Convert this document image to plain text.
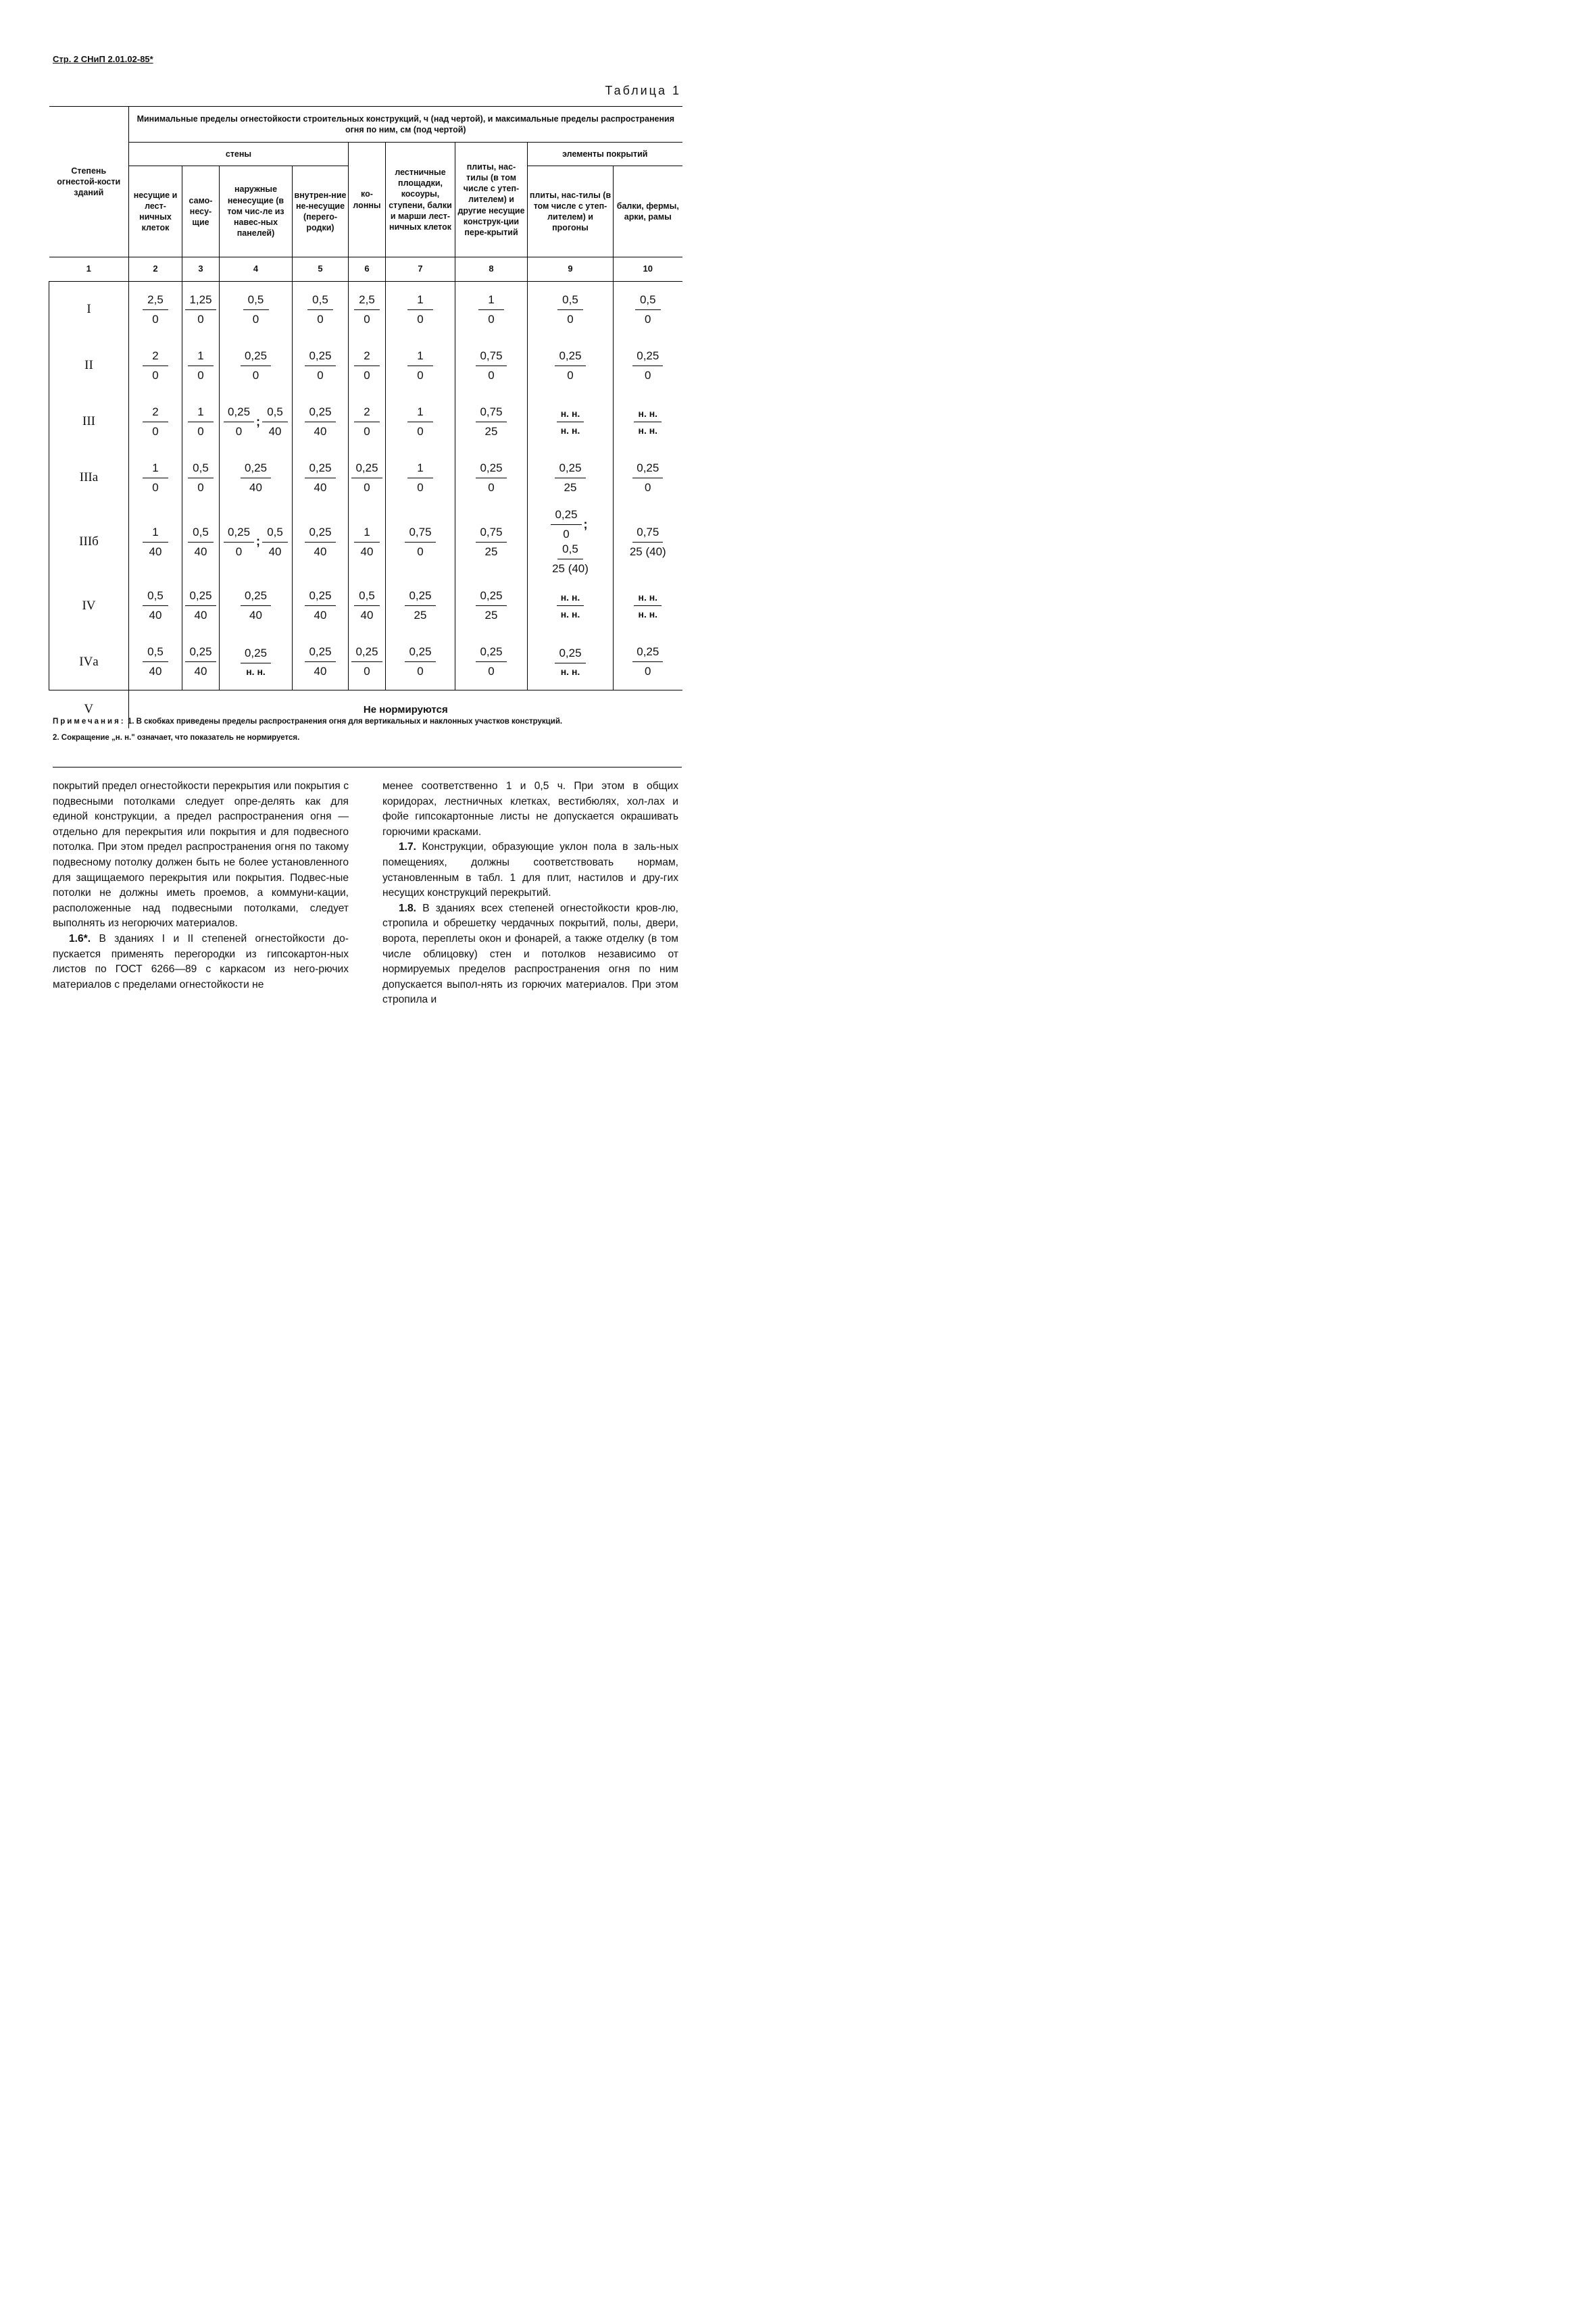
Стр. 2 СНиП 2.01.02-85*
Таблица 1
Степень огнестой-кости зданий	Минимальные пределы огнестойкости строительных конструкций, ч (над чертой), и максимальные пределы распространения огня по ним, см (под чертой)								
	стены				ко-лонны	лестничные площадки, косоуры, ступени, балки и марши лест-ничных клеток	плиты, нас-тилы (в том числе с утеп-лителем) и другие несущие конструк-ции пере-крытий	элементы покрытий	
	несущие и лест-ничных клеток	само-несу-щие	наружные ненесущие (в том чис-ле из навес-ных панелей)	внутрен-ние не-несущие (перего-родки)				плиты, нас-тилы (в том числе с утеп-лителем) и прогоны	балки, фермы, арки, рамы
1	2	3	4	5	6	7	8	9	10
I	$\frac{2,5}{0}$	$\frac{1,25}{0}$	$\frac{0,5}{0}$	$\frac{0,5}{0}$	$\frac{2,5}{0}$	$\frac{1}{0}$	$\frac{1}{0}$	$\frac{0,5}{0}$	$\frac{0,5}{0}$

II	$\frac{2}{0}$	$\frac{1}{0}$	$\frac{0,25}{0}$	$\frac{0,25}{0}$	$\frac{2}{0}$	$\frac{1}{0}$	$\frac{0,75}{0}$	$\frac{0,25}{0}$	$\frac{0,25}{0}$

III	$\frac{2}{0}$	$\frac{1}{0}$	$\frac{0,25}{0}$ ; $\frac{0,5}{40}$	$\frac{0,25}{40}$	$\frac{2}{0}$	$\frac{1}{0}$	$\frac{0,75}{25}$	$\frac{н. н.}{н. н.}$	$\frac{н. н.}{н. н.}$

IIIа	$\frac{1}{0}$	$\frac{0,5}{0}$	$\frac{0,25}{40}$	$\frac{0,25}{40}$	$\frac{0,25}{0}$	$\frac{1}{0}$	$\frac{0,25}{0}$	$\frac{0,25}{25}$	$\frac{0,25}{0}$

IIIб	$\frac{1}{40}$	$\frac{0,5}{40}$	$\frac{0,25}{0}$ ; $\frac{0,5}{40}$	$\frac{0,25}{40}$	$\frac{1}{40}$	$\frac{0,75}{0}$	$\frac{0,75}{25}$	$\frac{0,25}{0}$ ;
$\frac{0,5}{25 (40)}$	$\frac{0,75}{25 (40)}$

IV	$\frac{0,5}{40}$	$\frac{0,25}{40}$	$\frac{0,25}{40}$	$\frac{0,25}{40}$	$\frac{0,5}{40}$	$\frac{0,25}{25}$	$\frac{0,25}{25}$	$\frac{н. н.}{н. н.}$	$\frac{н. н.}{н. н.}$

IVа	$\frac{0,5}{40}$	$\frac{0,25}{40}$	$\frac{0,25}{н. н.}$	$\frac{0,25}{40}$	$\frac{0,25}{0}$	$\frac{0,25}{0}$	$\frac{0,25}{0}$	$\frac{0,25}{н. н.}$	$\frac{0,25}{0}$

V	Не нормируются								

Примечания: 1. В скобках приведены пределы распространения огня для вертикальных и наклонных участков конструкций.

2. Сокращение „н. н." означает, что показатель не нормируется.

покрытий предел огнестойкости перекрытия или покрытия с подвесными потолками следует опре-делять как для единой конструкции, а предел распространения огня — отдельно для перекрытия или покрытия и для подвесного потолка. При этом предел распространения огня по такому подвесному потолку должен быть не более установленного для защищаемого перекрытия или покрытия. Подвес-ные потолки не должны иметь проемов, а коммуни-кации, расположенные над подвесными потолками, следует выполнять из негорючих материалов.

1.6*. В зданиях I и II степеней огнестойкости до-пускается применять перегородки из гипсокартон-ных листов по ГОСТ 6266—89 с каркасом из него-рючих материалов с пределами огнестойкости не

менее соответственно 1 и 0,5 ч. При этом в общих коридорах, лестничных клетках, вестибюлях, хол-лах и фойе гипсокартонные листы не допускается окрашивать горючими красками.

1.7. Конструкции, образующие уклон пола в заль-ных помещениях, должны соответствовать нормам, установленным в табл. 1 для плит, настилов и дру-гих несущих конструкций перекрытий.

1.8. В зданиях всех степеней огнестойкости кров-лю, стропила и обрешетку чердачных покрытий, полы, двери, ворота, переплеты окон и фонарей, а также отделку (в том числе облицовку) стен и потолков независимо от нормируемых пределов распространения огня по ним допускается выпол-нять из горючих материалов. При этом стропила и
